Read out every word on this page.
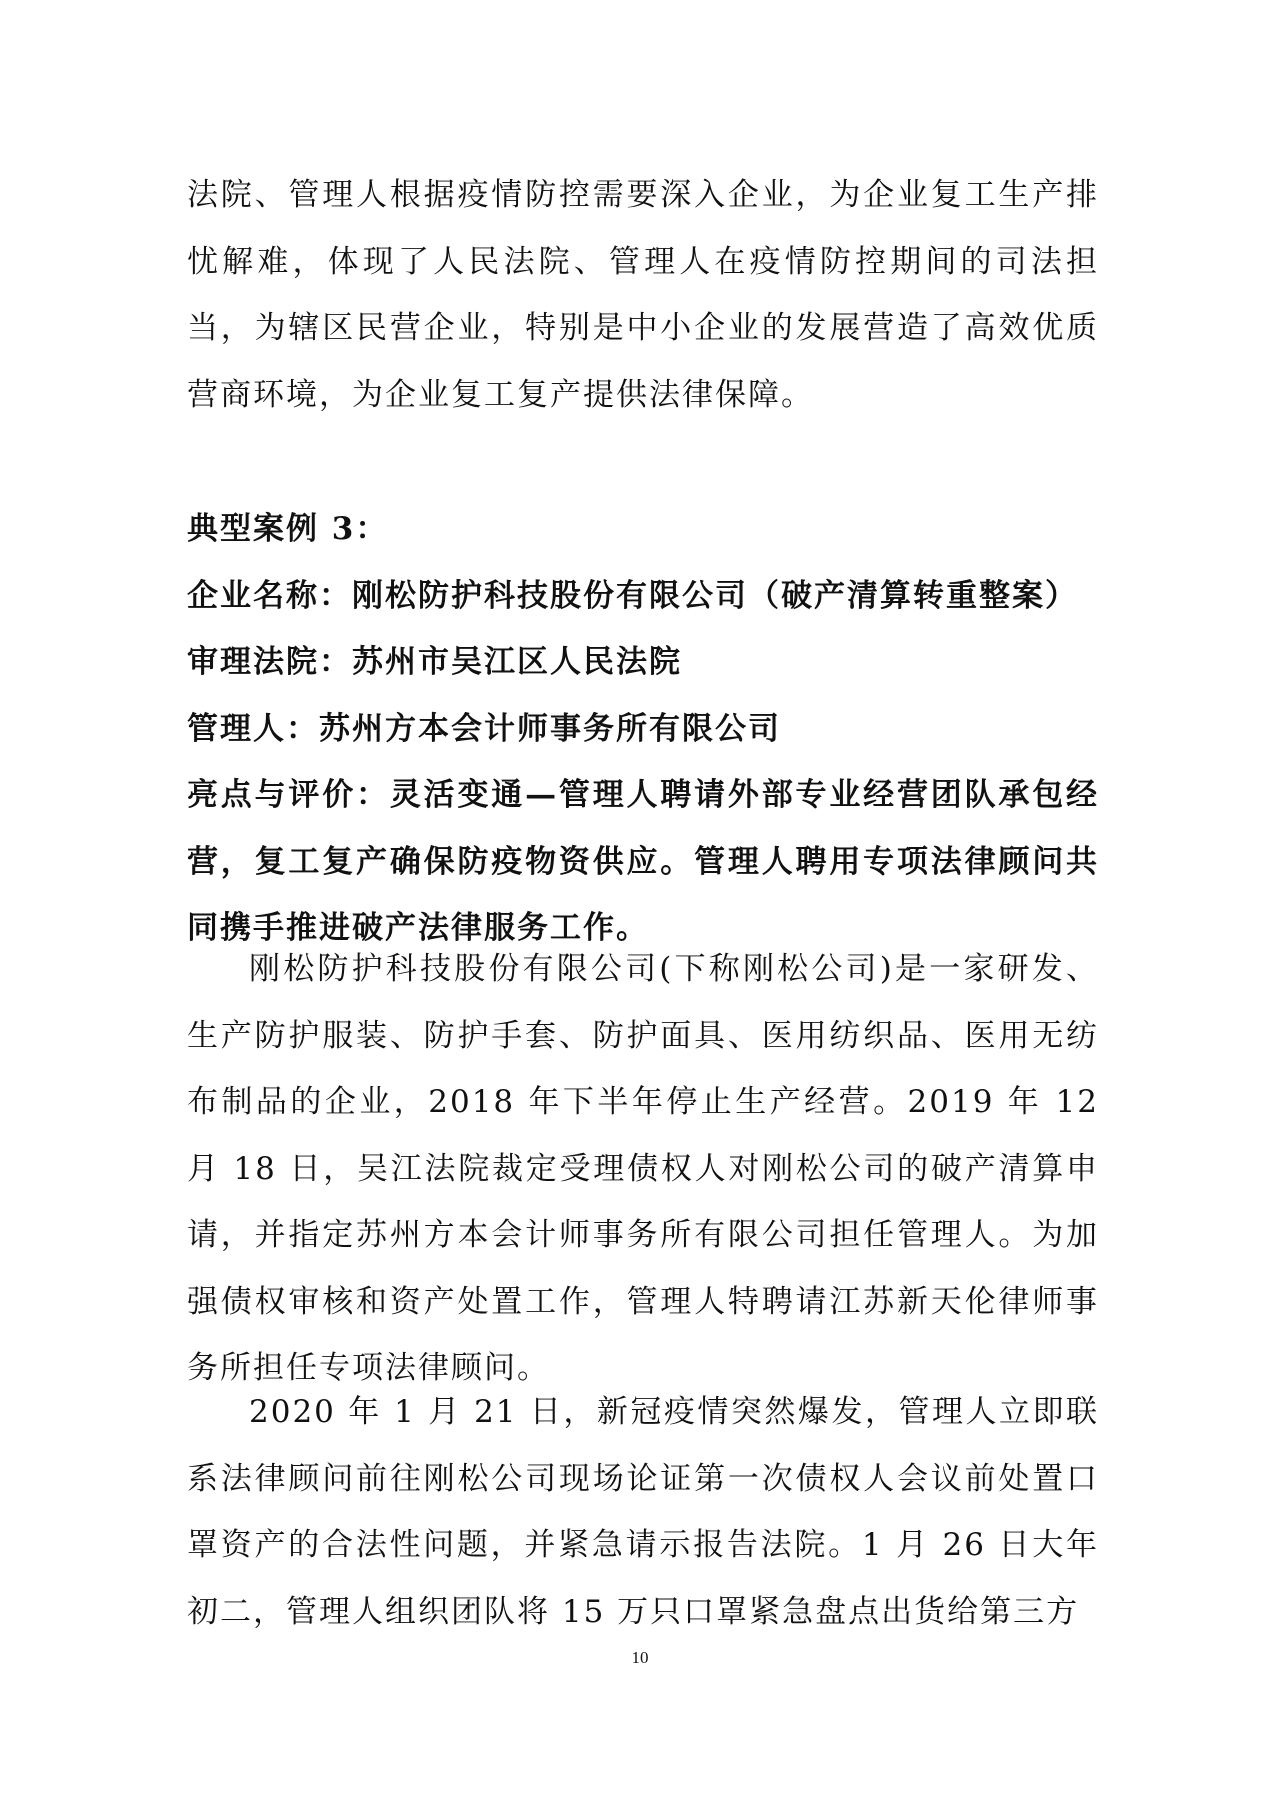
法院、管理人根据疫情防控需要深入企业，为企业复工生产排忧解难，体现了人民法院、管理人在疫情防控期间的司法担当，为辖区民营企业，特别是中小企业的发展营造了高效优质营商环境，为企业复工复产提供法律保障。
典型案例 3：
企业名称：刚松防护科技股份有限公司（破产清算转重整案）
审理法院：苏州市吴江区人民法院
管理人：苏州方本会计师事务所有限公司
亮点与评价：灵活变通—管理人聘请外部专业经营团队承包经营，复工复产确保防疫物资供应。管理人聘用专项法律顾问共同携手推进破产法律服务工作。
刚松防护科技股份有限公司(下称刚松公司)是一家研发、生产防护服装、防护手套、防护面具、医用纺织品、医用无纺布制品的企业，2018 年下半年停止生产经营。2019 年 12 月 18 日，吴江法院裁定受理债权人对刚松公司的破产清算申请，并指定苏州方本会计师事务所有限公司担任管理人。为加强债权审核和资产处置工作，管理人特聘请江苏新天伦律师事务所担任专项法律顾问。
2020 年 1 月 21 日，新冠疫情突然爆发，管理人立即联系法律顾问前往刚松公司现场论证第一次债权人会议前处置口罩资产的合法性问题，并紧急请示报告法院。1 月 26 日大年初二，管理人组织团队将 15 万只口罩紧急盘点出货给第三方
10
